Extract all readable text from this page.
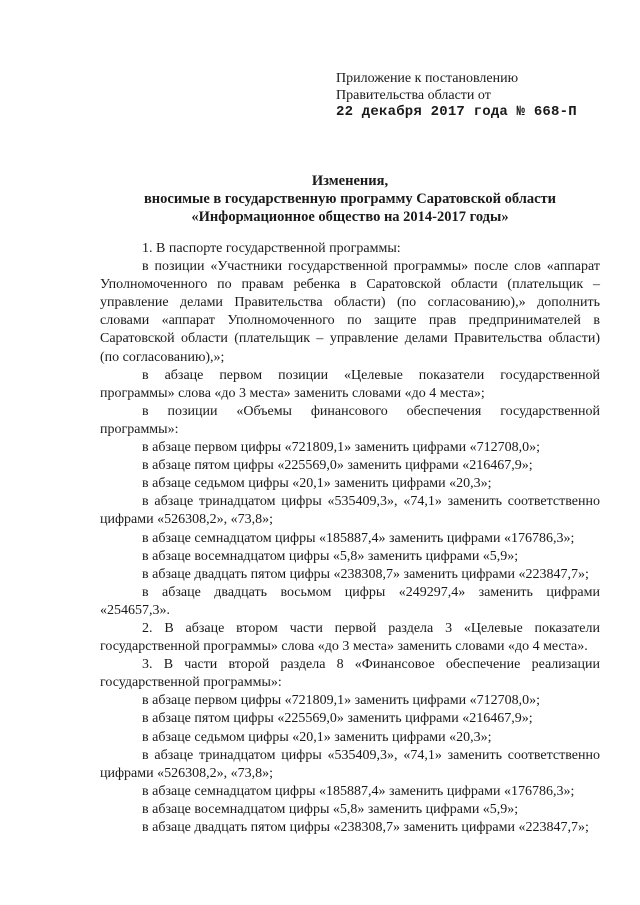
Приложение к постановлению
Правительства области от
22 декабря 2017 года № 668-П
Изменения,
вносимые в государственную программу Саратовской области
«Информационное общество на 2014-2017 годы»

1. В паспорте государственной программы:

в позиции «Участники государственной программы» после слов «аппарат Уполномоченного по правам ребенка в Саратовской области (плательщик – управление делами Правительства области) (по согласованию),» дополнить словами «аппарат Уполномоченного по защите прав предпринимателей в Саратовской области (плательщик – управление делами Правительства области) (по согласованию),»;

в абзаце первом позиции «Целевые показатели государственной программы» слова «до 3 места» заменить словами «до 4 места»;

в позиции «Объемы финансового обеспечения государственной программы»:

в абзаце первом цифры «721809,1» заменить цифрами «712708,0»;

в абзаце пятом цифры «225569,0» заменить цифрами «216467,9»;

в абзаце седьмом цифры «20,1» заменить цифрами «20,3»;

в абзаце тринадцатом цифры «535409,3», «74,1» заменить соответственно цифрами «526308,2», «73,8»;

в абзаце семнадцатом цифры «185887,4» заменить цифрами «176786,3»;

в абзаце восемнадцатом цифры «5,8» заменить цифрами «5,9»;

в абзаце двадцать пятом цифры «238308,7» заменить цифрами «223847,7»;

в абзаце двадцать восьмом цифры «249297,4» заменить цифрами «254657,3».

2. В абзаце втором части первой раздела 3 «Целевые показатели государственной программы» слова «до 3 места» заменить словами «до 4 места».

3. В части второй раздела 8 «Финансовое обеспечение реализации государственной программы»:

в абзаце первом цифры «721809,1» заменить цифрами «712708,0»;

в абзаце пятом цифры «225569,0» заменить цифрами «216467,9»;

в абзаце седьмом цифры «20,1» заменить цифрами «20,3»;

в абзаце тринадцатом цифры «535409,3», «74,1» заменить соответственно цифрами «526308,2», «73,8»;

в абзаце семнадцатом цифры «185887,4» заменить цифрами «176786,3»;

в абзаце восемнадцатом цифры «5,8» заменить цифрами «5,9»;

в абзаце двадцать пятом цифры «238308,7» заменить цифрами «223847,7»;
